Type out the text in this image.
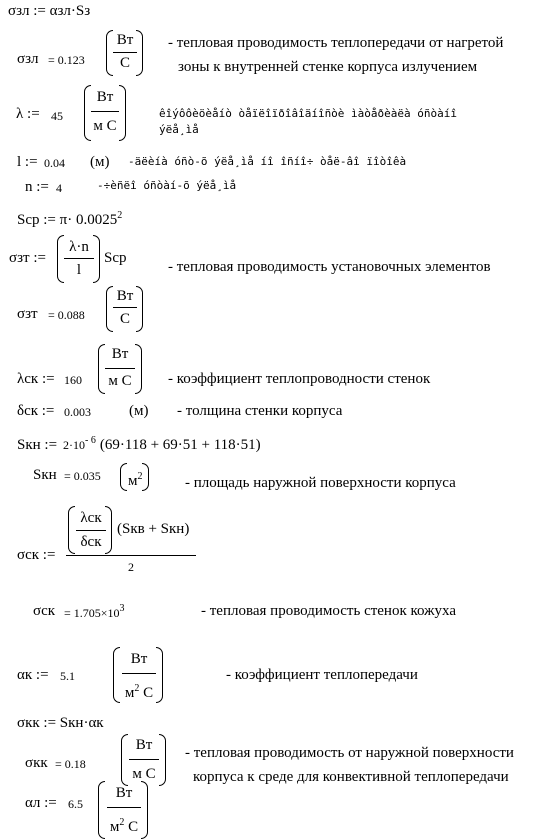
σзл := αзл·Sз
σзл = 0.123
Вт
С
- тепловая проводимость теплопередачи от нагретой
зоны к внутренней стенке корпуса излучением
λ := 45
Вт
м С
êîýôôèöèåíò òåïëîïðîâîäíîñòè ìàòåðèàëà óñòàíî
ýëå¸ìå
l := 0.04 (м) -äëèíà óñò-õ ýëå¸ìå íî îñíî÷ òåë-âî ïîòîêà
n := 4	-÷èñëî óñòàí-õ ýëå¸ìå
Scp := $\pi\cdot 0.0025^2$
σзт :=
λ·n
l
Scp
- тепловая проводимость установочных элементов
σзт = 0.088
Вт
С
λск := 160
Вт
м С	- коэффициент теплопроводности стенок
δск := 0.003	(м) - толщина стенки корпуса
Sкн := $2\cdot 10^{- 6}$ (69·118 + 69·51 + 118·51)
Sкн = 0.035 $м^2$	- площадь наружной поверхности корпуса
σск :=
λск
δск
(Sкв + Sкн)
2
$\sigma ск = 1.705\times 10^3$	- тепловая проводимость стенок кожуха
αк := 5.1
Вт
$м^2$ С
- коэффициент теплопередачи
σкк := Sкн·αк
σкк = 0.18
Вт
м С
- тепловая проводимость от наружной поверхности
корпуса к среде для конвективной теплопередачи
αл := 6.5
Вт
$м^2$ С
